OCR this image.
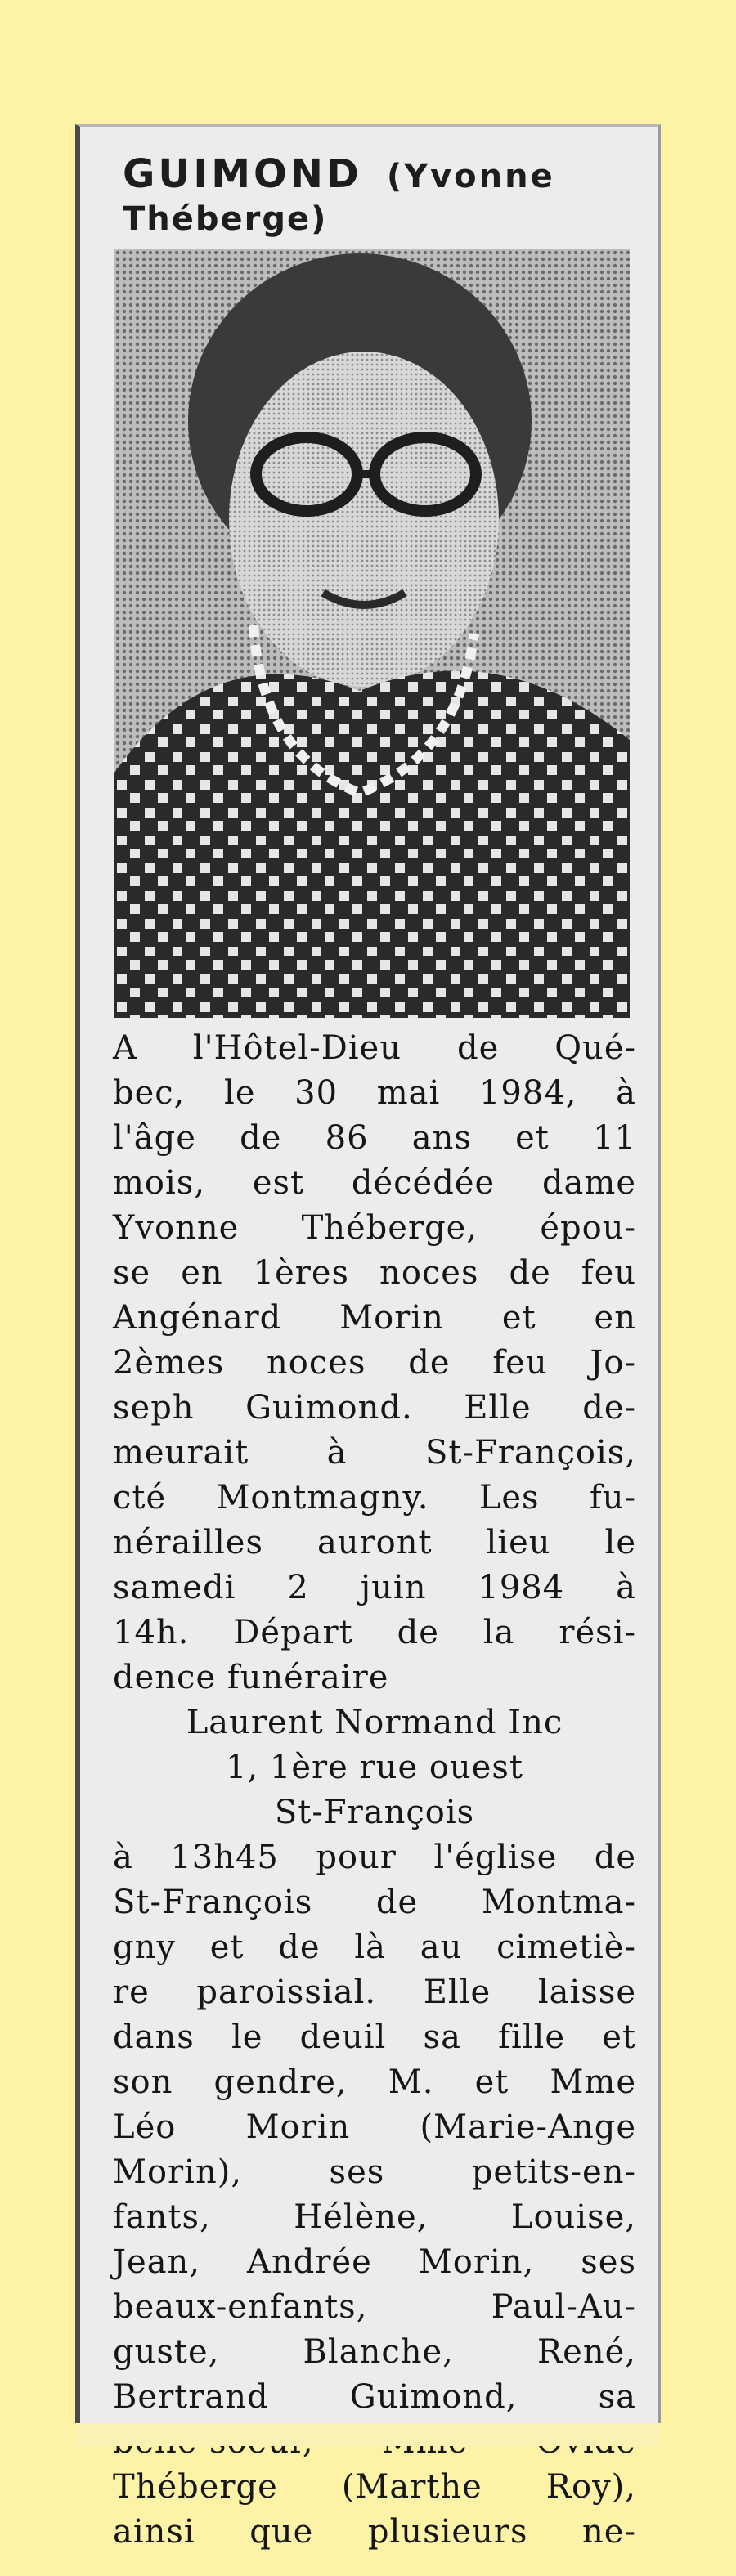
GUIMOND (Yvonne
Théberge)
A l'Hôtel-Dieu de Qué-
bec, le 30 mai 1984, à
l'âge de 86 ans et 11
mois, est décédée dame
Yvonne Théberge, épou-
se en 1ères noces de feu
Angénard Morin et en
2èmes noces de feu Jo-
seph Guimond. Elle de-
meurait à St-François,
cté Montmagny. Les fu-
nérailles auront lieu le
samedi 2 juin 1984 à
14h. Départ de la rési-
dence funéraire
Laurent Normand Inc
1, 1ère rue ouest
St-François
à 13h45 pour l'église de
St-François de Montma-
gny et de là au cimetiè-
re paroissial. Elle laisse
dans le deuil sa fille et
son gendre, M. et Mme
Léo Morin (Marie-Ange
Morin), ses petits-en-
fants, Hélène, Louise,
Jean, Andrée Morin, ses
beaux-enfants, Paul-Au-
guste, Blanche, René,
Bertrand Guimond, sa
Théberge (Marthe Roy),
ainsi que plusieurs ne-
